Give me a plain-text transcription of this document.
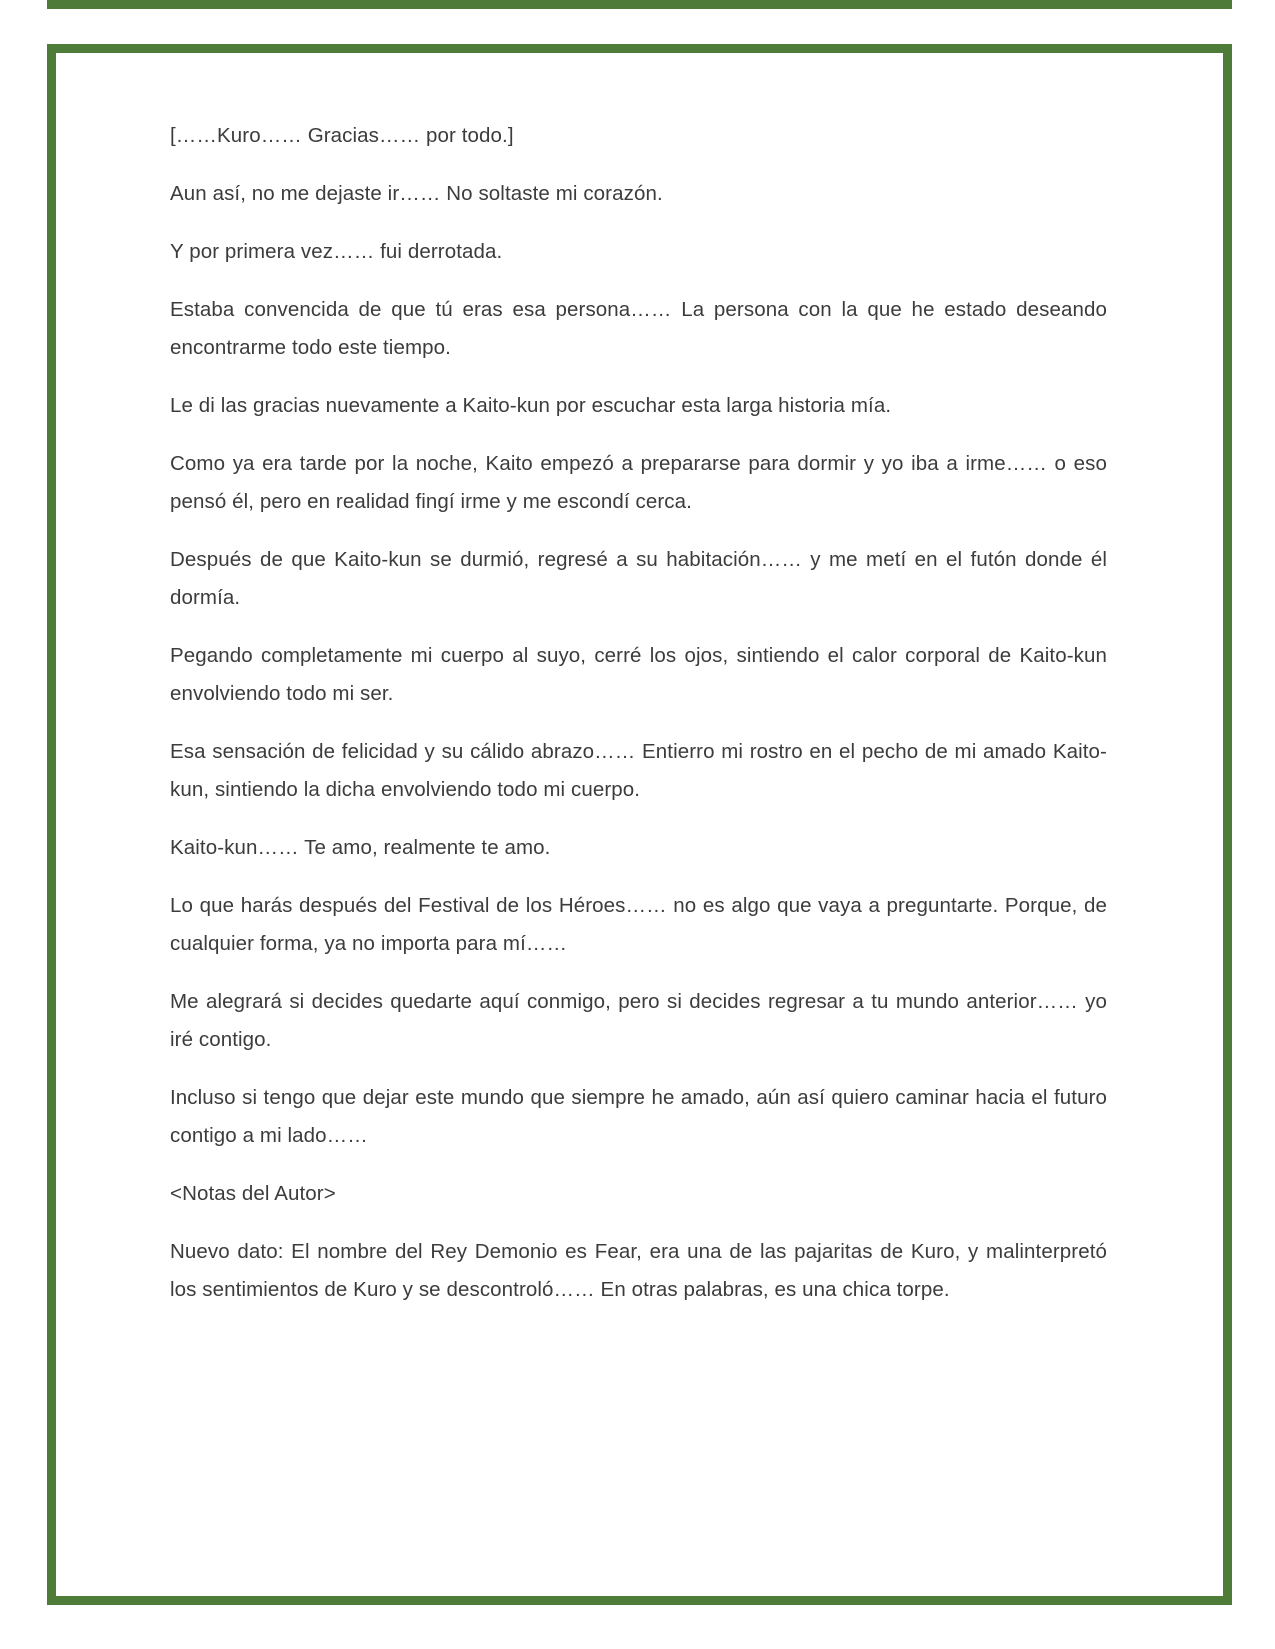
[……Kuro…… Gracias…… por todo.]

Aun así, no me dejaste ir…… No soltaste mi corazón.

Y por primera vez…… fui derrotada.

Estaba convencida de que tú eras esa persona…… La persona con la que he estado deseando encontrarme todo este tiempo.

Le di las gracias nuevamente a Kaito-kun por escuchar esta larga historia mía.

Como ya era tarde por la noche, Kaito empezó a prepararse para dormir y yo iba a irme…… o eso pensó él, pero en realidad fingí irme y me escondí cerca.

Después de que Kaito-kun se durmió, regresé a su habitación…… y me metí en el futón donde él dormía.

Pegando completamente mi cuerpo al suyo, cerré los ojos, sintiendo el calor corporal de Kaito-kun envolviendo todo mi ser.

Esa sensación de felicidad y su cálido abrazo…… Entierro mi rostro en el pecho de mi amado Kaito-kun, sintiendo la dicha envolviendo todo mi cuerpo.

Kaito-kun…… Te amo, realmente te amo.

Lo que harás después del Festival de los Héroes…… no es algo que vaya a preguntarte. Porque, de cualquier forma, ya no importa para mí……

Me alegrará si decides quedarte aquí conmigo, pero si decides regresar a tu mundo anterior…… yo iré contigo.

Incluso si tengo que dejar este mundo que siempre he amado, aún así quiero caminar hacia el futuro contigo a mi lado……

<Notas del Autor>

Nuevo dato: El nombre del Rey Demonio es Fear, era una de las pajaritas de Kuro, y malinterpretó los sentimientos de Kuro y se descontroló…… En otras palabras, es una chica torpe.
